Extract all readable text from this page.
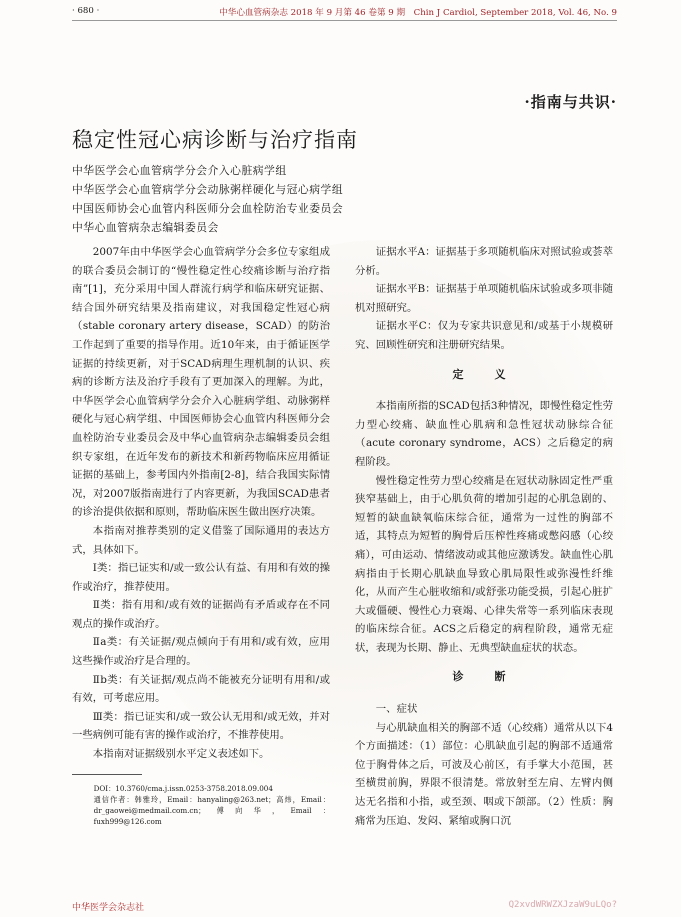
· 680 ·	中华心血管病杂志 2018 年 9 月第 46 卷第 9 期　Chin J Cardiol, September 2018, Vol. 46, No. 9
·指南与共识·
稳定性冠心病诊断与治疗指南
中华医学会心血管病学分会介入心脏病学组
中华医学会心血管病学分会动脉粥样硬化与冠心病学组
中国医师协会心血管内科医师分会血栓防治专业委员会
中华心血管病杂志编辑委员会

2007年由中华医学会心血管病学分会多位专家组成的联合委员会制订的“慢性稳定性心绞痛诊断与治疗指南”[1]，充分采用中国人群流行病学和临床研究证据、结合国外研究结果及指南建议，对我国稳定性冠心病（stable coronary artery disease，SCAD）的防治工作起到了重要的指导作用。近10年来，由于循证医学证据的持续更新，对于SCAD病理生理机制的认识、疾病的诊断方法及治疗手段有了更加深入的理解。为此，中华医学会心血管病学分会介入心脏病学组、动脉粥样硬化与冠心病学组、中国医师协会心血管内科医师分会血栓防治专业委员会及中华心血管病杂志编辑委员会组织专家组，在近年发布的新技术和新药物临床应用循证证据的基础上，参考国内外指南[2-8]，结合我国实际情况，对2007版指南进行了内容更新，为我国SCAD患者的诊治提供依据和原则，帮助临床医生做出医疗决策。

本指南对推荐类别的定义借鉴了国际通用的表达方式，具体如下。

Ⅰ类：指已证实和/或一致公认有益、有用和有效的操作或治疗，推荐使用。

Ⅱ类：指有用和/或有效的证据尚有矛盾或存在不同观点的操作或治疗。

Ⅱa类：有关证据/观点倾向于有用和/或有效，应用这些操作或治疗是合理的。

Ⅱb类：有关证据/观点尚不能被充分证明有用和/或有效，可考虑应用。

Ⅲ类：指已证实和/或一致公认无用和/或无效，并对一些病例可能有害的操作或治疗，不推荐使用。

本指南对证据级别水平定义表述如下。

DOI：10.3760/cma.j.issn.0253-3758.2018.09.004
通信作者：韩雅玲，Email：hanyaling@263.net；高炜，Email：dr_gaowei@medmail.com.cn；傅向华，Email：fuxh999@126.com

证据水平A：证据基于多项随机临床对照试验或荟萃分析。

证据水平B：证据基于单项随机临床试验或多项非随机对照研究。

证据水平C：仅为专家共识意见和/或基于小规模研究、回顾性研究和注册研究结果。

定　义

本指南所指的SCAD包括3种情况，即慢性稳定性劳力型心绞痛、缺血性心肌病和急性冠状动脉综合征（acute coronary syndrome，ACS）之后稳定的病程阶段。

慢性稳定性劳力型心绞痛是在冠状动脉固定性严重狭窄基础上，由于心肌负荷的增加引起的心肌急剧的、短暂的缺血缺氧临床综合征，通常为一过性的胸部不适，其特点为短暂的胸骨后压榨性疼痛或憋闷感（心绞痛），可由运动、情绪波动或其他应激诱发。缺血性心肌病指由于长期心肌缺血导致心肌局限性或弥漫性纤维化，从而产生心脏收缩和/或舒张功能受损，引起心脏扩大或僵硬、慢性心力衰竭、心律失常等一系列临床表现的临床综合征。ACS之后稳定的病程阶段，通常无症状，表现为长期、静止、无典型缺血症状的状态。

诊　断

一、症状

与心肌缺血相关的胸部不适（心绞痛）通常从以下4个方面描述：（1）部位：心肌缺血引起的胸部不适通常位于胸骨体之后，可波及心前区，有手掌大小范围，甚至横贯前胸，界限不很清楚。常放射至左肩、左臂内侧达无名指和小指，或至颈、咽或下颌部。（2）性质：胸痛常为压迫、发闷、紧缩或胸口沉

中华医学会杂志社	Q2xvdWRWZXJzaW9uLQo?
